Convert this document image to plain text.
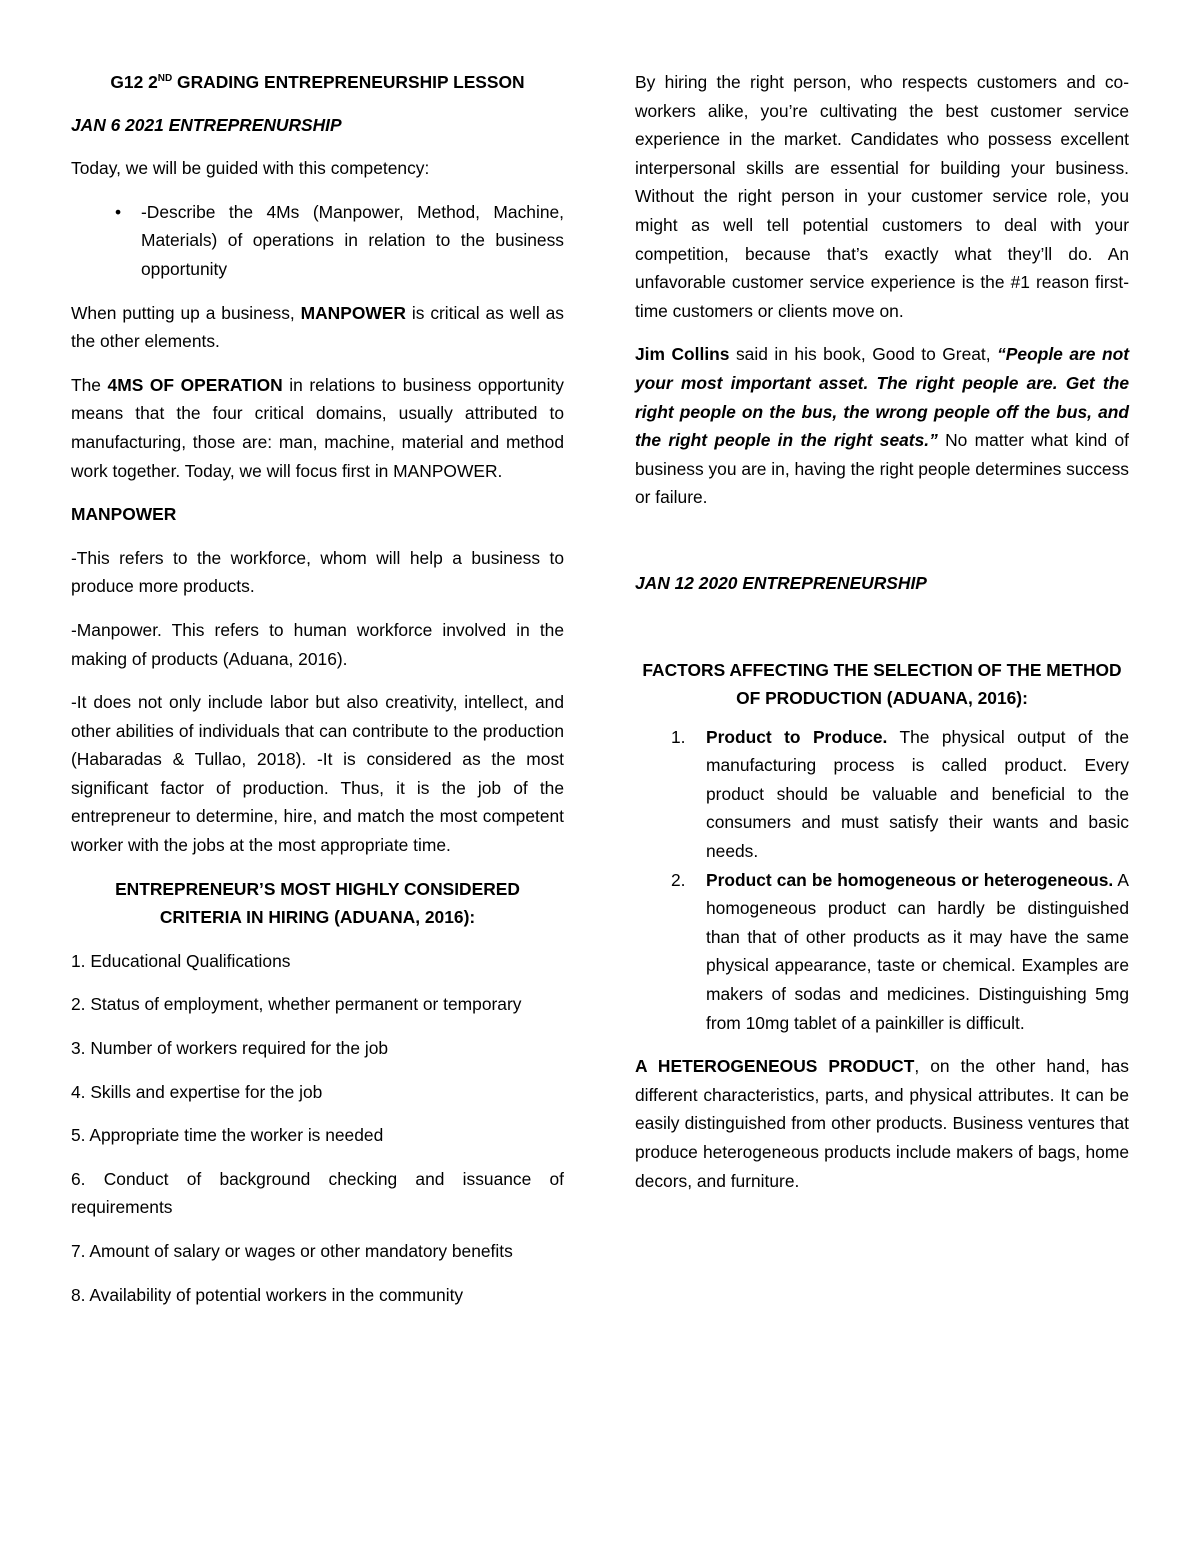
G12 2ND GRADING ENTREPRENEURSHIP LESSON

JAN 6 2021 ENTREPRENURSHIP

Today, we will be guided with this competency:

• -Describe the 4Ms (Manpower, Method, Machine, Materials) of operations in relation to the business opportunity

When putting up a business, MANPOWER is critical as well as the other elements.

The 4MS OF OPERATION in relations to business opportunity means that the four critical domains, usually attributed to manufacturing, those are: man, machine, material and method work together. Today, we will focus first in MANPOWER.

MANPOWER

-This refers to the workforce, whom will help a business to produce more products.

-Manpower. This refers to human workforce involved in the making of products (Aduana, 2016).

-It does not only include labor but also creativity, intellect, and other abilities of individuals that can contribute to the production (Habaradas & Tullao, 2018). -It is considered as the most significant factor of production. Thus, it is the job of the entrepreneur to determine, hire, and match the most competent worker with the jobs at the most appropriate time.

ENTREPRENEUR’S MOST HIGHLY CONSIDERED CRITERIA IN HIRING (ADUANA, 2016):

1. Educational Qualifications

2. Status of employment, whether permanent or temporary

3. Number of workers required for the job

4. Skills and expertise for the job

5. Appropriate time the worker is needed

6. Conduct of background checking and issuance of requirements

7. Amount of salary or wages or other mandatory benefits

8. Availability of potential workers in the community

By hiring the right person, who respects customers and co-workers alike, you’re cultivating the best customer service experience in the market. Candidates who possess excellent interpersonal skills are essential for building your business. Without the right person in your customer service role, you might as well tell potential customers to deal with your competition, because that’s exactly what they’ll do. An unfavorable customer service experience is the #1 reason first-time customers or clients move on.

Jim Collins said in his book, Good to Great, “People are not your most important asset. The right people are. Get the right people on the bus, the wrong people off the bus, and the right people in the right seats.” No matter what kind of business you are in, having the right people determines success or failure.

JAN 12 2020 ENTREPRENEURSHIP

FACTORS AFFECTING THE SELECTION OF THE METHOD OF PRODUCTION (ADUANA, 2016):

1. Product to Produce. The physical output of the manufacturing process is called product. Every product should be valuable and beneficial to the consumers and must satisfy their wants and basic needs.

2. Product can be homogeneous or heterogeneous. A homogeneous product can hardly be distinguished than that of other products as it may have the same physical appearance, taste or chemical. Examples are makers of sodas and medicines. Distinguishing 5mg from 10mg tablet of a painkiller is difficult.

A HETEROGENEOUS PRODUCT, on the other hand, has different characteristics, parts, and physical attributes. It can be easily distinguished from other products. Business ventures that produce heterogeneous products include makers of bags, home decors, and furniture.
